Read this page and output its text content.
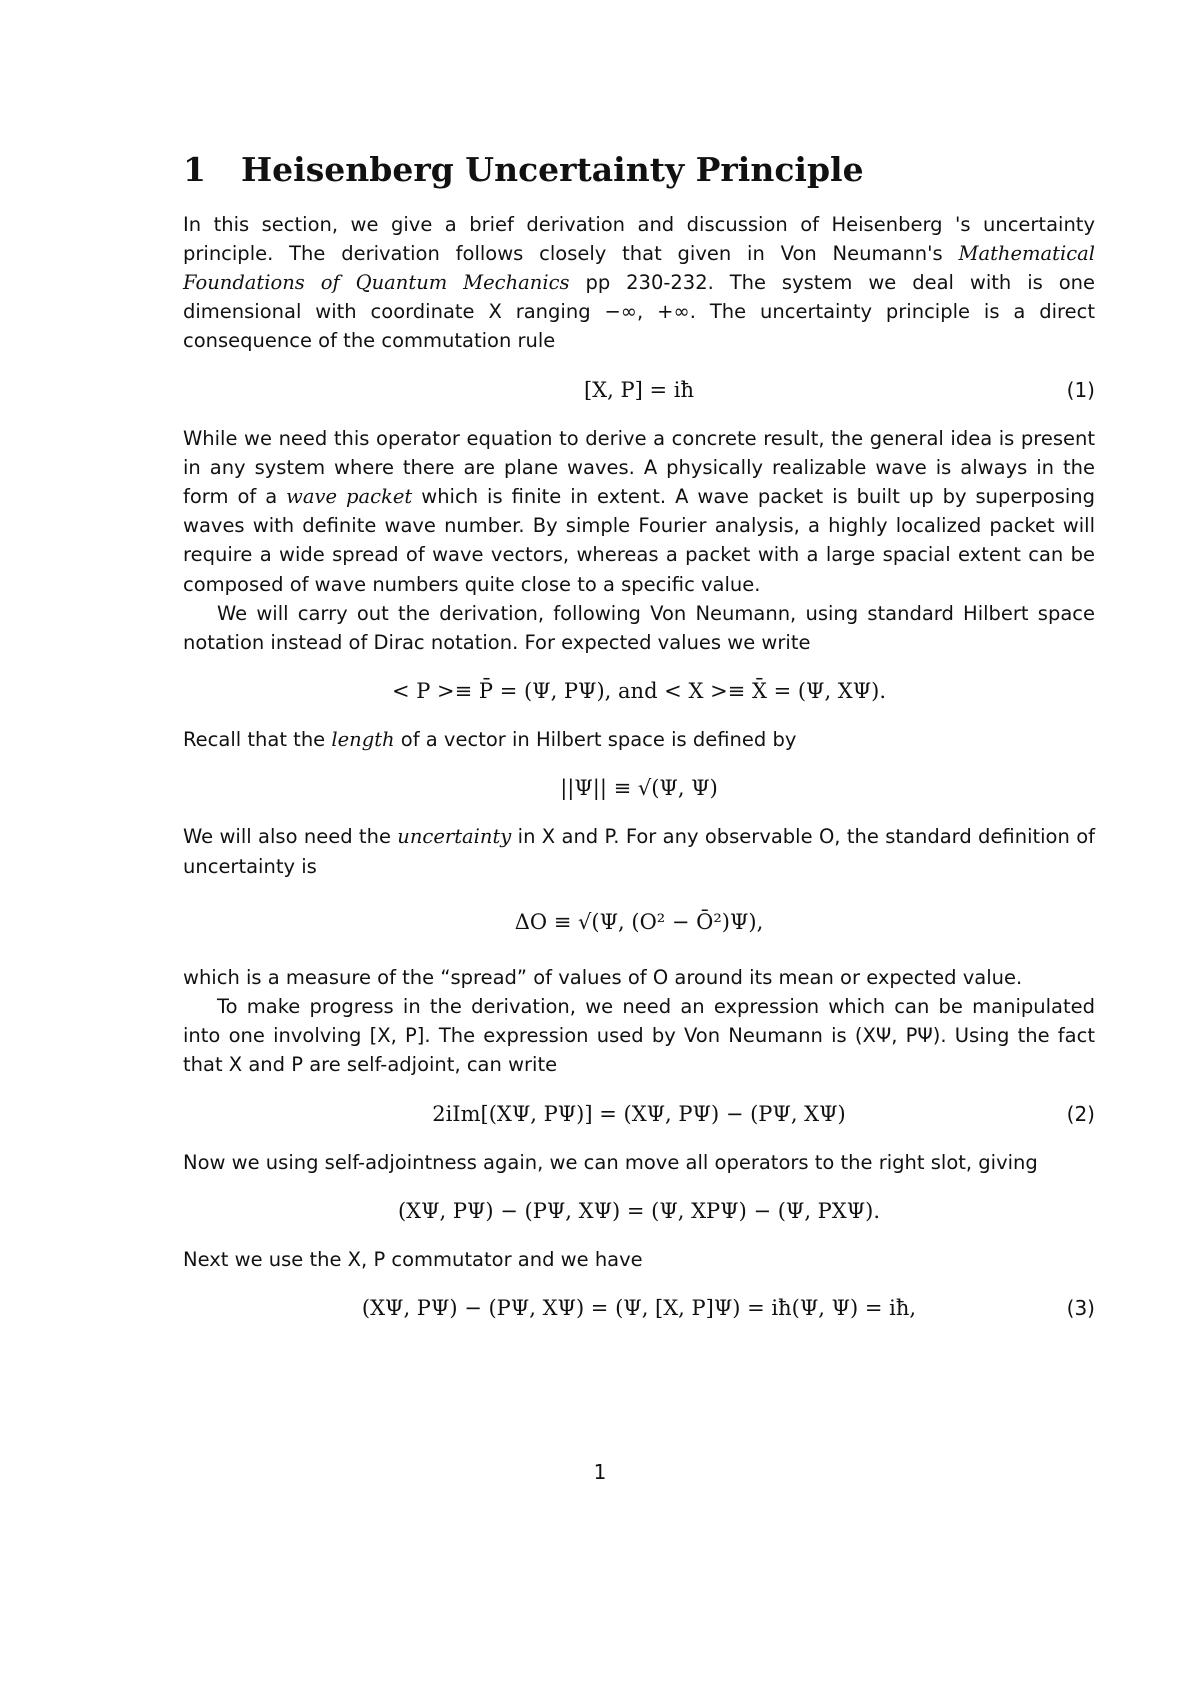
1 Heisenberg Uncertainty Principle

In this section, we give a brief derivation and discussion of Heisenberg 's uncertainty principle. The derivation follows closely that given in Von Neumann's Mathematical Foundations of Quantum Mechanics pp 230-232. The system we deal with is one dimensional with coordinate X ranging −∞, +∞. The uncertainty principle is a direct consequence of the commutation rule

[X, P] = iħ	(1)

While we need this operator equation to derive a concrete result, the general idea is present in any system where there are plane waves. A physically realizable wave is always in the form of a wave packet which is finite in extent. A wave packet is built up by superposing waves with definite wave number. By simple Fourier analysis, a highly localized packet will require a wide spread of wave vectors, whereas a packet with a large spacial extent can be composed of wave numbers quite close to a specific value.

We will carry out the derivation, following Von Neumann, using standard Hilbert space notation instead of Dirac notation. For expected values we write

< P >≡ P̄ = (Ψ, PΨ), and < X >≡ X̄ = (Ψ, XΨ).

Recall that the length of a vector in Hilbert space is defined by

||Ψ|| ≡ √(Ψ, Ψ)

We will also need the uncertainty in X and P. For any observable O, the standard definition of uncertainty is

ΔO ≡ √(Ψ, (O² − Ō²)Ψ),

which is a measure of the “spread” of values of O around its mean or expected value.

To make progress in the derivation, we need an expression which can be manipulated into one involving [X, P]. The expression used by Von Neumann is (XΨ, PΨ). Using the fact that X and P are self-adjoint, can write

2iIm[(XΨ, PΨ)] = (XΨ, PΨ) − (PΨ, XΨ)	(2)

Now we using self-adjointness again, we can move all operators to the right slot, giving

(XΨ, PΨ) − (PΨ, XΨ) = (Ψ, XPΨ) − (Ψ, PXΨ).

Next we use the X, P commutator and we have

(XΨ, PΨ) − (PΨ, XΨ) = (Ψ, [X, P]Ψ) = iħ(Ψ, Ψ) = iħ,	(3)
1
